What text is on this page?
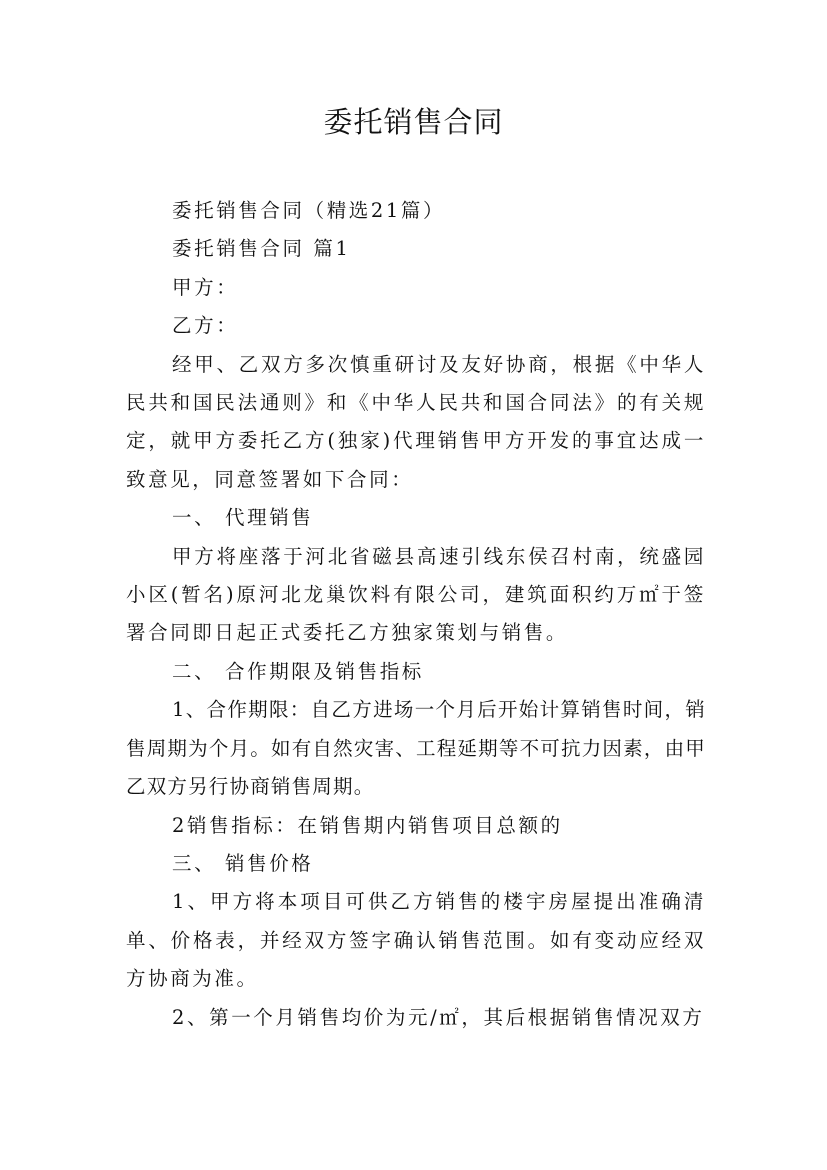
委托销售合同

委托销售合同（精选21篇）

委托销售合同 篇1

甲方：

乙方：

经甲、乙双方多次慎重研讨及友好协商，根据《中华人民共和国民法通则》和《中华人民共和国合同法》的有关规定，就甲方委托乙方(独家)代理销售甲方开发的事宜达成一致意见，同意签署如下合同：

一、 代理销售

甲方将座落于河北省磁县高速引线东侯召村南，统盛园小区(暂名)原河北龙巢饮料有限公司，建筑面积约万㎡于签署合同即日起正式委托乙方独家策划与销售。

二、 合作期限及销售指标

1、合作期限：自乙方进场一个月后开始计算销售时间，销售周期为个月。如有自然灾害、工程延期等不可抗力因素，由甲乙双方另行协商销售周期。

2销售指标：在销售期内销售项目总额的

三、 销售价格

1、甲方将本项目可供乙方销售的楼宇房屋提出准确清单、价格表，并经双方签字确认销售范围。如有变动应经双方协商为准。

2、第一个月销售均价为元/㎡，其后根据销售情况双方
